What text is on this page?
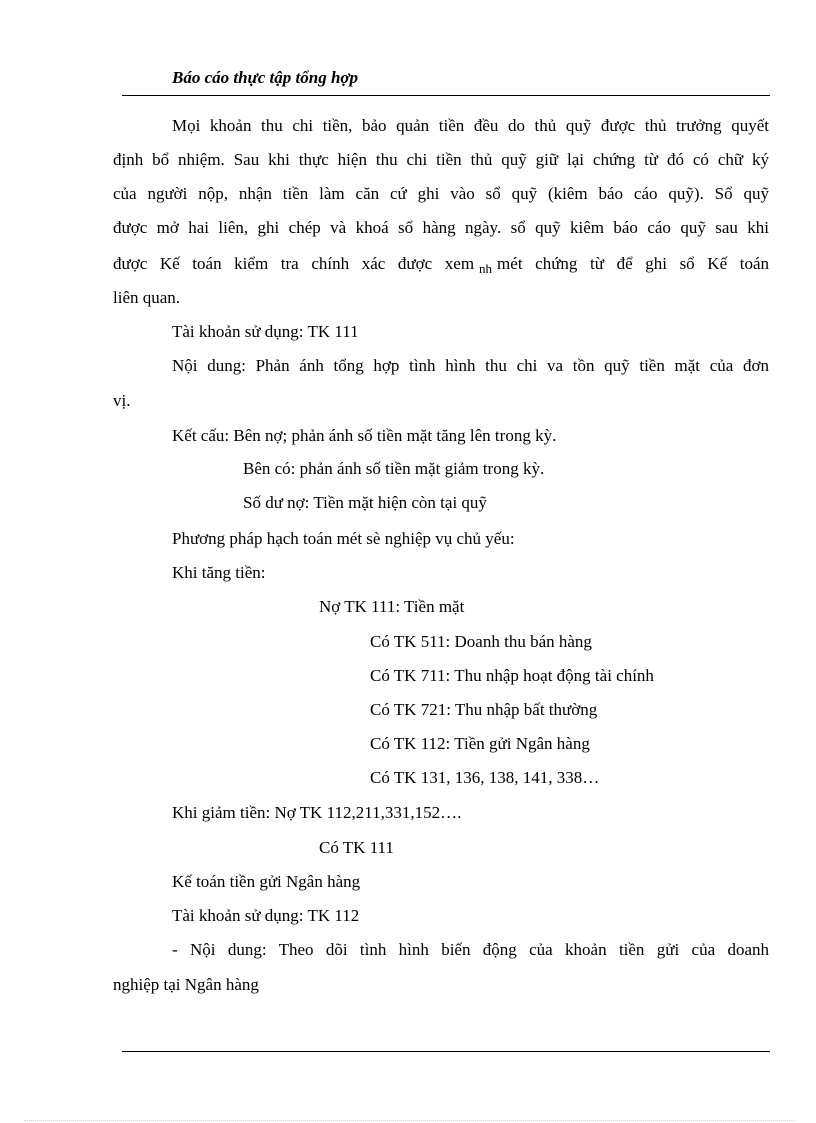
Báo cáo thực tập tổng hợp
Mọi khoản thu chi tiền, bảo quản tiền đều do thủ quỹ được thủ trưởng quyết
định bổ nhiệm. Sau khi thực hiện thu chi tiền thủ quỹ giữ lại chứng từ đó có chữ ký
của người nộp, nhận tiền làm căn cứ ghi vào sổ quỹ (kiêm báo cáo quỹ). Sổ quỹ
được mở hai liên, ghi chép và khoá sổ hàng ngày. sổ quỹ kiêm báo cáo quỹ sau khi
được Kế toán kiểm tra chính xác được xem $_{nh}$ mét chứng từ để ghi sổ Kế toán
liên quan.
Tài khoản sử dụng: TK 111
Nội dung: Phản ánh tổng hợp tình hình thu chi va tồn quỹ tiền mặt của đơn
vị.
Kết cấu: Bên nợ; phản ánh số tiền mặt tăng lên trong kỳ.
Bên có: phản ánh số tiền mặt giảm trong kỳ.
Số dư nợ: Tiền mặt hiện còn tại quỹ
Phương pháp hạch toán mét sè nghiệp vụ chủ yếu:
Khi tăng tiền:
Nợ TK 111: Tiền mặt
Có TK 511: Doanh thu bán hàng
Có TK 711: Thu nhập hoạt động tài chính
Có TK 721: Thu nhập bất thường
Có TK 112: Tiền gửi Ngân hàng
Có TK 131, 136, 138, 141, 338…
Khi giảm tiền: Nợ TK 112,211,331,152….
Có TK 111
Kế toán tiền gửi Ngân hàng
Tài khoản sử dụng: TK 112
- Nội dung: Theo dõi tình hình biến động của khoản tiền gửi của doanh
nghiệp tại Ngân hàng
